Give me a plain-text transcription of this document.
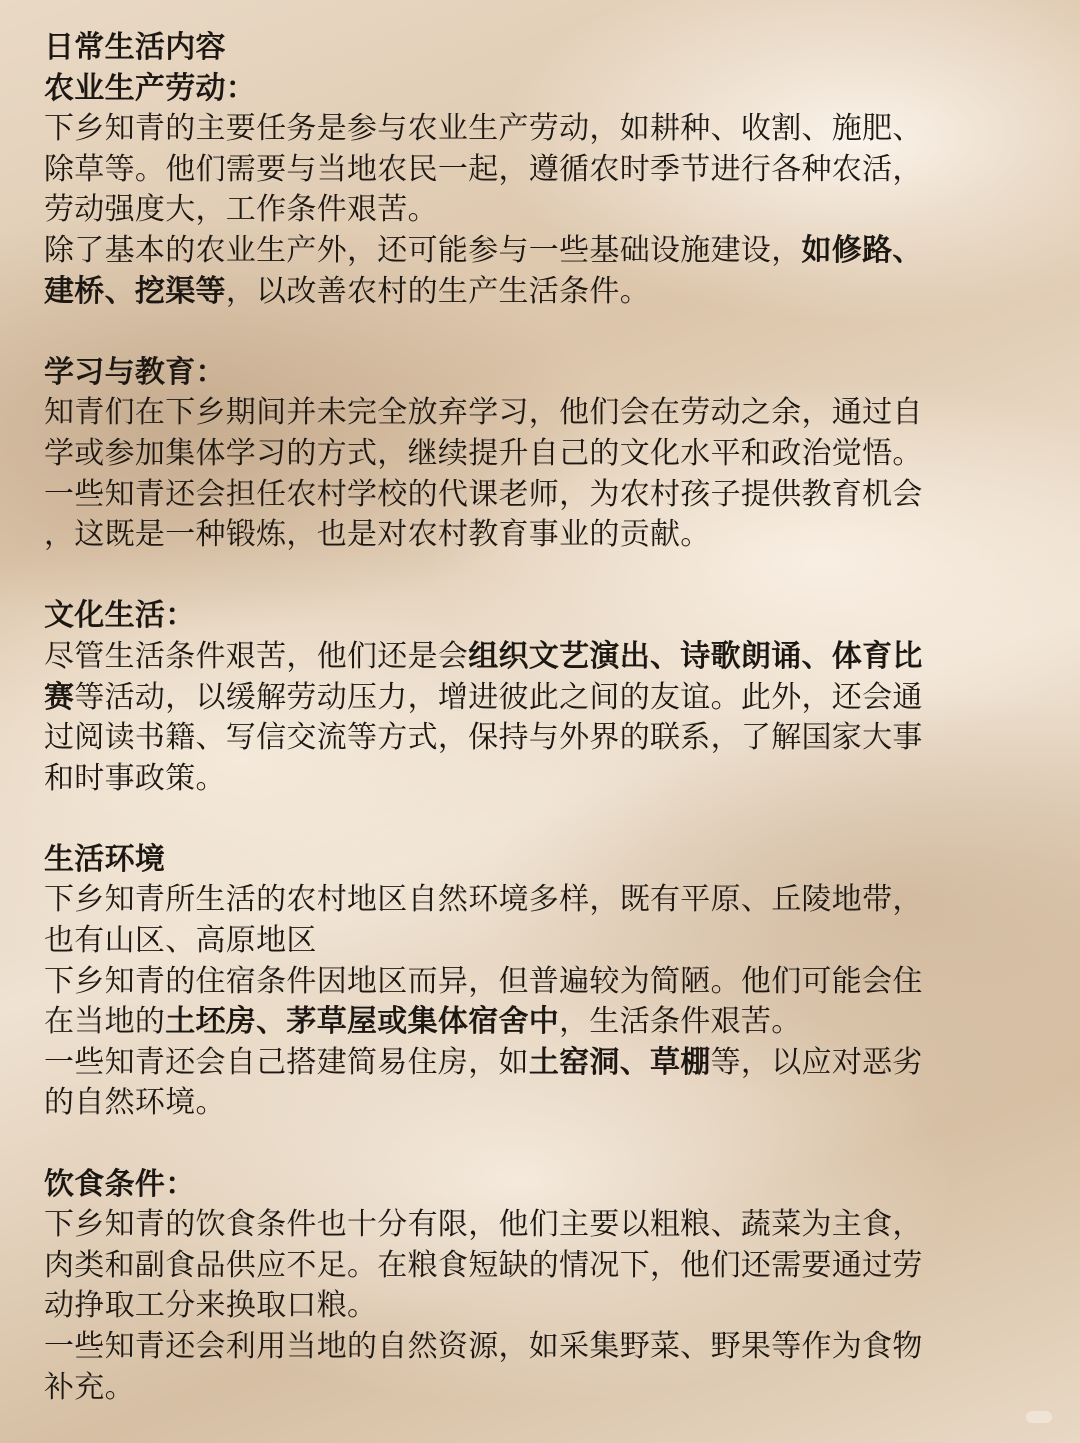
日常生活内容
农业生产劳动：
下乡知青的主要任务是参与农业生产劳动，如耕种、收割、施肥、
除草等。他们需要与当地农民一起，遵循农时季节进行各种农活，
劳动强度大，工作条件艰苦。
除了基本的农业生产外，还可能参与一些基础设施建设，如修路、
建桥、挖渠等，以改善农村的生产生活条件。
学习与教育：
知青们在下乡期间并未完全放弃学习，他们会在劳动之余，通过自
学或参加集体学习的方式，继续提升自己的文化水平和政治觉悟。
一些知青还会担任农村学校的代课老师，为农村孩子提供教育机会
，这既是一种锻炼，也是对农村教育事业的贡献。
文化生活：
尽管生活条件艰苦，他们还是会组织文艺演出、诗歌朗诵、体育比
赛等活动，以缓解劳动压力，增进彼此之间的友谊。此外，还会通
过阅读书籍、写信交流等方式，保持与外界的联系，了解国家大事
和时事政策。
生活环境
下乡知青所生活的农村地区自然环境多样，既有平原、丘陵地带，
也有山区、高原地区
下乡知青的住宿条件因地区而异，但普遍较为简陋。他们可能会住
在当地的土坯房、茅草屋或集体宿舍中，生活条件艰苦。
一些知青还会自己搭建简易住房，如土窑洞、草棚等，以应对恶劣
的自然环境。
饮食条件：
下乡知青的饮食条件也十分有限，他们主要以粗粮、蔬菜为主食，
肉类和副食品供应不足。在粮食短缺的情况下，他们还需要通过劳
动挣取工分来换取口粮。
一些知青还会利用当地的自然资源，如采集野菜、野果等作为食物
补充。
